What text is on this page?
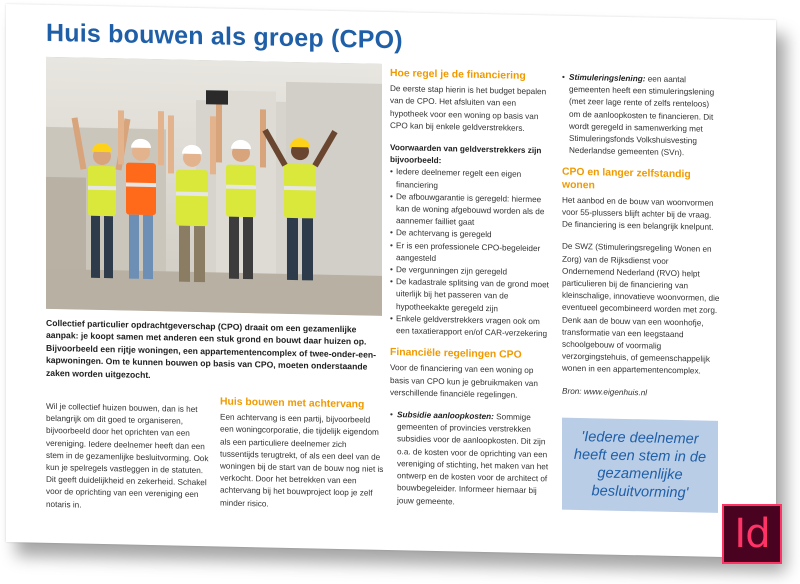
Huis bouwen als groep (CPO)
Collectief particulier opdrachtgeverschap (CPO) draait om een gezamenlijke aanpak: je koopt samen met anderen een stuk grond en bouwt daar huizen op. Bijvoorbeeld een rijtje woningen, een appartementencomplex of twee-onder-een-kapwoningen. Om te kunnen bouwen op basis van CPO, moeten onderstaande zaken worden uitgezocht.

Wil je collectief huizen bouwen, dan is het belangrijk om dit goed te organiseren, bijvoorbeeld door het oprichten van een vereniging. Iedere deelnemer heeft dan een stem in de gezamenlijke besluitvorming. Ook kun je spelregels vastleggen in de statuten. Dit geeft duidelijkheid en zekerheid. Schakel voor de oprichting van een vereniging een notaris in.

Huis bouwen met achtervang

Een achtervang is een partij, bijvoorbeeld een woningcorporatie, die tijdelijk eigendom als een particuliere deelnemer zich tussentijds terugtrekt, of als een deel van de woningen bij de start van de bouw nog niet is verkocht. Door het betrekken van een achtervang bij het bouwproject loop je zelf minder risico.

Hoe regel je de financiering

De eerste stap hierin is het budget bepalen van de CPO. Het afsluiten van een hypotheek voor een woning op basis van CPO kan bij enkele geldverstrekkers.

Voorwaarden van geldverstrekkers zijn bijvoorbeeld:
• Iedere deelnemer regelt een eigen financiering
• De afbouwgarantie is geregeld: hiermee kan de woning afgebouwd worden als de aannemer failliet gaat
• De achtervang is geregeld
• Er is een professionele CPO-begeleider aangesteld
• De vergunningen zijn geregeld
• De kadastrale splitsing van de grond moet uiterlijk bij het passeren van de hypotheekakte geregeld zijn
• Enkele geldverstrekkers vragen ook om een taxatierapport en/of CAR-verzekering
Financiële regelingen CPO

Voor de financiering van een woning op basis van CPO kun je gebruikmaken van verschillende financiële regelingen.

• Subsidie aanloopkosten: Sommige gemeenten of provincies verstrekken subsidies voor de aanloopkosten. Dit zijn o.a. de kosten voor de oprichting van een vereniging of stichting, het maken van het ontwerp en de kosten voor de architect of bouwbegeleider. Informeer hiernaar bij jouw gemeente.
• Stimuleringslening: een aantal gemeenten heeft een stimuleringslening (met zeer lage rente of zelfs renteloos) om de aanloopkosten te financieren. Dit wordt geregeld in samenwerking met Stimuleringsfonds Volkshuisvesting Nederlandse gemeenten (SVn).
CPO en langer zelfstandig wonen

Het aanbod en de bouw van woonvormen voor 55-plussers blijft achter bij de vraag. De financiering is een belangrijk knelpunt.

De SWZ (Stimuleringsregeling Wonen en Zorg) van de Rijksdienst voor Ondernemend Nederland (RVO) helpt particulieren bij de financiering van kleinschalige, innovatieve woonvormen, die eventueel gecombineerd worden met zorg. Denk aan de bouw van een woonhofje, transformatie van een leegstaand schoolgebouw of voormalig verzorgingstehuis, of gemeenschappelijk wonen in een appartementencomplex.

Bron: www.eigenhuis.nl

'Iedere deelnemer heeft een stem in de gezamenlijke besluitvorming'
Id
